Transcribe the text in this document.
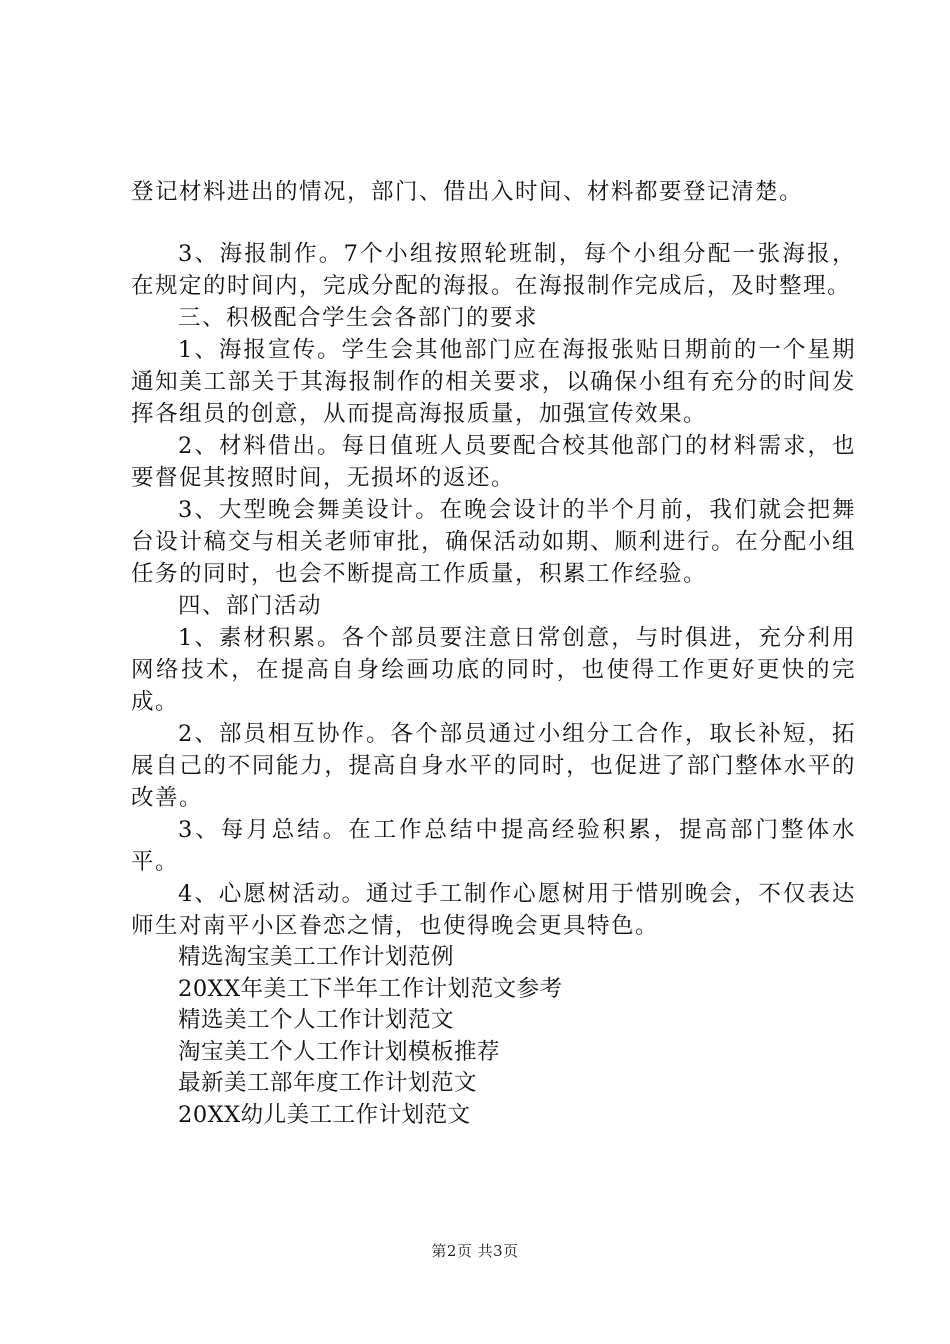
登记材料进出的情况，部门、借出入时间、材料都要登记清楚。

3、海报制作。7个小组按照轮班制，每个小组分配一张海报，在规定的时间内，完成分配的海报。在海报制作完成后，及时整理。

三、积极配合学生会各部门的要求

1、海报宣传。学生会其他部门应在海报张贴日期前的一个星期通知美工部关于其海报制作的相关要求，以确保小组有充分的时间发挥各组员的创意，从而提高海报质量，加强宣传效果。

2、材料借出。每日值班人员要配合校其他部门的材料需求，也要督促其按照时间，无损坏的返还。

3、大型晚会舞美设计。在晚会设计的半个月前，我们就会把舞台设计稿交与相关老师审批，确保活动如期、顺利进行。在分配小组任务的同时，也会不断提高工作质量，积累工作经验。

四、部门活动

1、素材积累。各个部员要注意日常创意，与时俱进，充分利用网络技术，在提高自身绘画功底的同时，也使得工作更好更快的完成。

2、部员相互协作。各个部员通过小组分工合作，取长补短，拓展自己的不同能力，提高自身水平的同时，也促进了部门整体水平的改善。

3、每月总结。在工作总结中提高经验积累，提高部门整体水平。

4、心愿树活动。通过手工制作心愿树用于惜别晚会，不仅表达师生对南平小区眷恋之情，也使得晚会更具特色。

精选淘宝美工工作计划范例

20XX年美工下半年工作计划范文参考

精选美工个人工作计划范文

淘宝美工个人工作计划模板推荐

最新美工部年度工作计划范文

20XX幼儿美工工作计划范文

第2页 共3页
